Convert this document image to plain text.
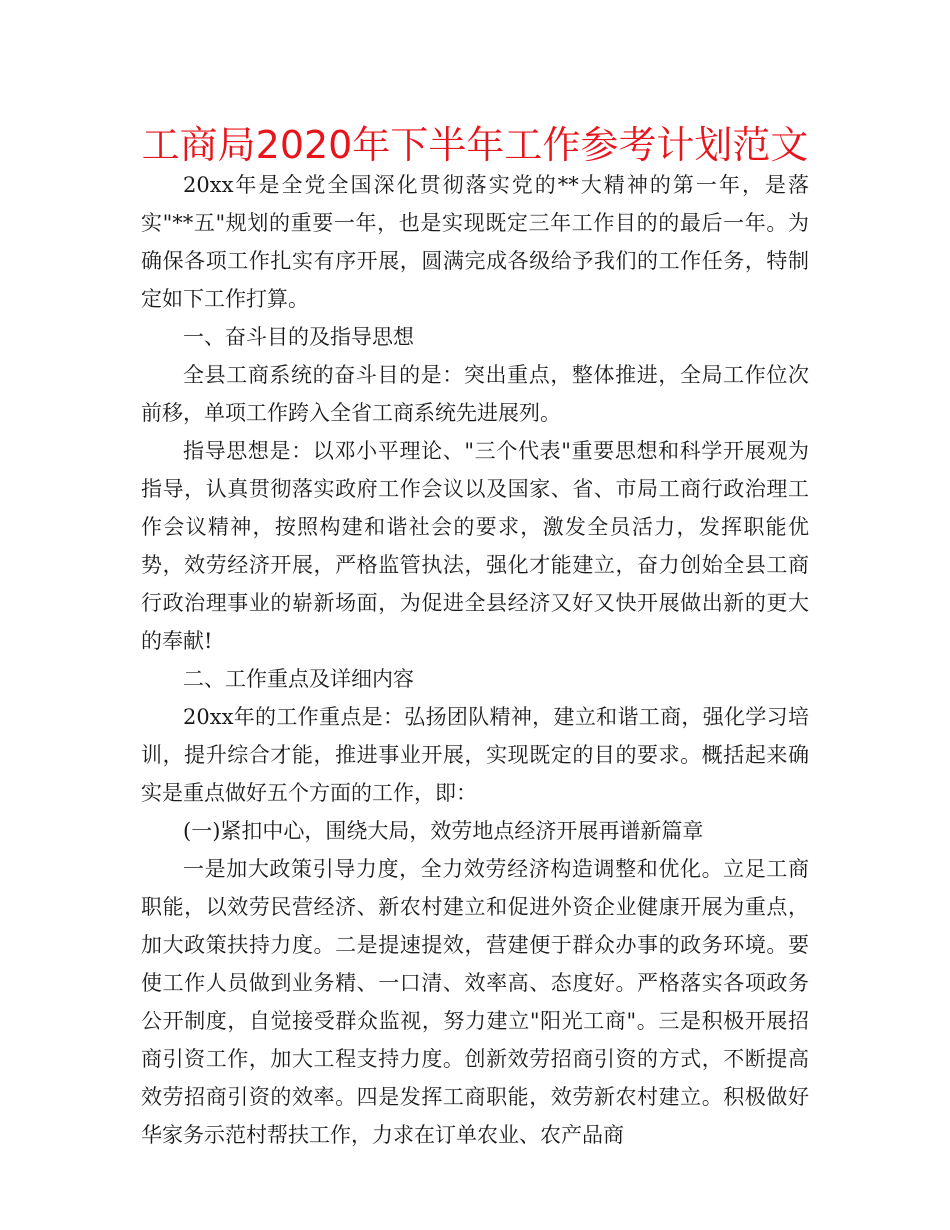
工商局2020年下半年工作参考计划范文

20xx年是全党全国深化贯彻落实党的**大精神的第一年，是落实"**五"规划的重要一年，也是实现既定三年工作目的的最后一年。为确保各项工作扎实有序开展，圆满完成各级给予我们的工作任务，特制定如下工作打算。

一、奋斗目的及指导思想

全县工商系统的奋斗目的是：突出重点，整体推进，全局工作位次前移，单项工作跨入全省工商系统先进展列。

指导思想是：以邓小平理论、"三个代表"重要思想和科学开展观为指导，认真贯彻落实政府工作会议以及国家、省、市局工商行政治理工作会议精神，按照构建和谐社会的要求，激发全员活力，发挥职能优势，效劳经济开展，严格监管执法，强化才能建立，奋力创始全县工商行政治理事业的崭新场面，为促进全县经济又好又快开展做出新的更大的奉献!

二、工作重点及详细内容

20xx年的工作重点是：弘扬团队精神，建立和谐工商，强化学习培训，提升综合才能，推进事业开展，实现既定的目的要求。概括起来确实是重点做好五个方面的工作，即：

(一)紧扣中心，围绕大局，效劳地点经济开展再谱新篇章

一是加大政策引导力度，全力效劳经济构造调整和优化。立足工商职能，以效劳民营经济、新农村建立和促进外资企业健康开展为重点，加大政策扶持力度。二是提速提效，营建便于群众办事的政务环境。要使工作人员做到业务精、一口清、效率高、态度好。严格落实各项政务公开制度，自觉接受群众监视，努力建立"阳光工商"。三是积极开展招商引资工作，加大工程支持力度。创新效劳招商引资的方式，不断提高效劳招商引资的效率。四是发挥工商职能，效劳新农村建立。积极做好华家务示范村帮扶工作，力求在订单农业、农产品商
